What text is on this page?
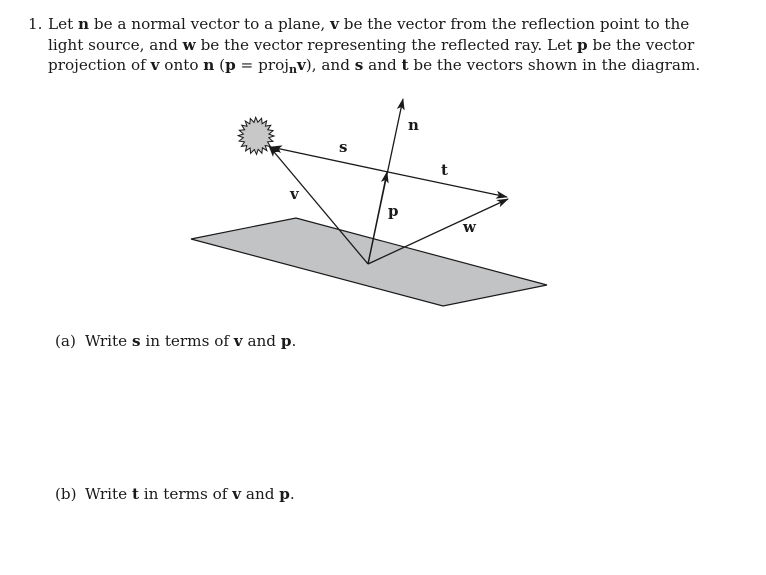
1. Let n be a normal vector to a plane, v be the vector from the reflection point to the light source, and w be the vector representing the reflected ray. Let p be the vector projection of v onto n (p = projnv), and s and t be the vectors shown in the diagram.
n
s
t
v
p
w
(a) Write s in terms of v and p.
(b) Write t in terms of v and p.
